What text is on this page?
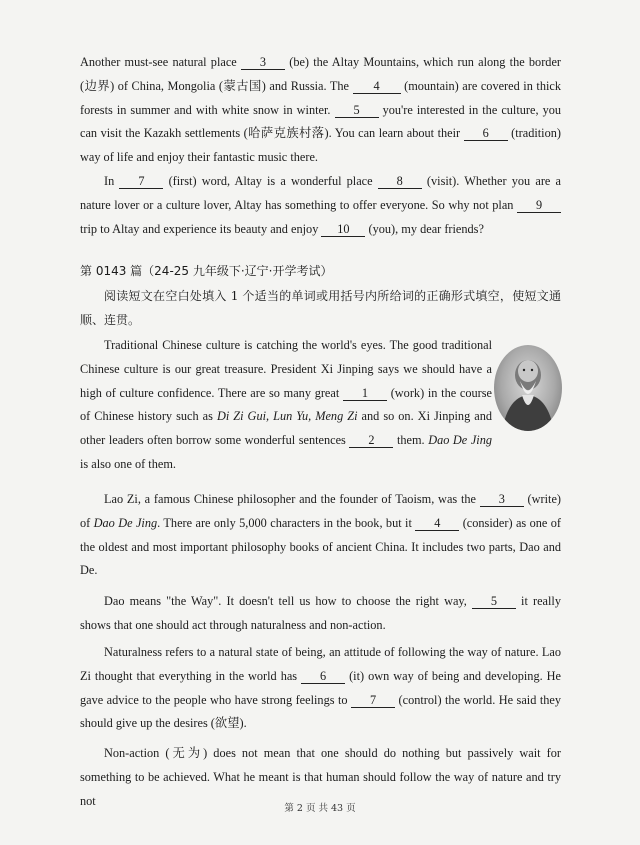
Another must-see natural place 3 (be) the Altay Mountains, which run along the border (边界) of China, Mongolia (蒙古国) and Russia. The 4 (mountain) are covered in thick forests in summer and with white snow in winter. 5 you're interested in the culture, you can visit the Kazakh settlements (哈萨克族村落). You can learn about their 6 (tradition) way of life and enjoy their fantastic music there.

In 7 (first) word, Altay is a wonderful place 8 (visit). Whether you are a nature lover or a culture lover, Altay has something to offer everyone. So why not plan 9 trip to Altay and experience its beauty and enjoy 10 (you), my dear friends?

第 0143 篇（24-25 九年级下·辽宁·开学考试）

阅读短文在空白处填入 1 个适当的单词或用括号内所给词的正确形式填空，使短文通顺、连贯。

Traditional Chinese culture is catching the world's eyes. The good traditional Chinese culture is our great treasure. President Xi Jinping says we should have a high of culture confidence. There are so many great 1 (work) in the course of Chinese history such as Di Zi Gui, Lun Yu, Meng Zi and so on. Xi Jinping and other leaders often borrow some wonderful sentences 2 them. Dao De Jing is also one of them.

Lao Zi, a famous Chinese philosopher and the founder of Taoism, was the 3 (write) of Dao De Jing. There are only 5,000 characters in the book, but it 4 (consider) as one of the oldest and most important philosophy books of ancient China. It includes two parts, Dao and De.

Dao means "the Way". It doesn't tell us how to choose the right way, 5 it really shows that one should act through naturalness and non-action.

Naturalness refers to a natural state of being, an attitude of following the way of nature. Lao Zi thought that everything in the world has 6 (it) own way of being and developing. He gave advice to the people who have strong feelings to 7 (control) the world. He said they should give up the desires (欲望).

Non-action (无为) does not mean that one should do nothing but passively wait for something to be achieved. What he meant is that human should follow the way of nature and try not

第 2 页 共 43 页
